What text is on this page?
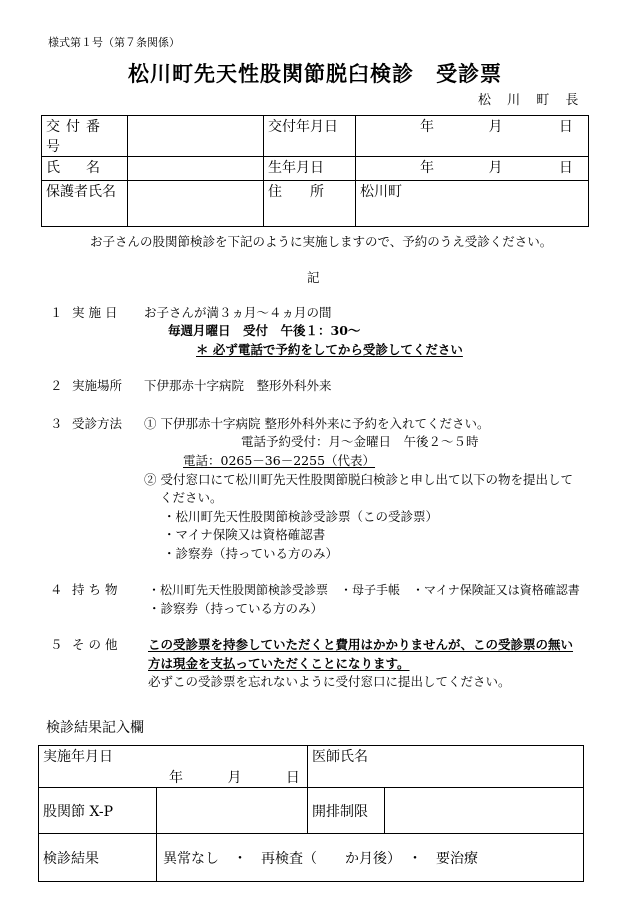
様式第１号（第７条関係）
松川町先天性股関節脱臼検診　受診票
松 川 町 長
交付番号		交付年月日	年 月 日
氏　名		生年月日	年 月 日
保護者氏名		住　　所	松川町
お子さんの股関節検診を下記のように実施しますので、予約のうえ受診ください。
記
１ 実 施 日 お子さんが満３ヵ月～４ヵ月の間
毎週月曜日　受付　午後１：30～
＊ 必ず電話で予約をしてから受診してください
２ 実施場所 下伊那赤十字病院　整形外科外来
３ 受診方法 ① 下伊那赤十字病院 整形外科外来に予約を入れてください。
電話予約受付：月～金曜日　午後２～５時
電話：0265－36－2255（代表）
② 受付窓口にて松川町先天性股関節脱臼検診と申し出て以下の物を提出して
ください。
・松川町先天性股関節検診受診票（この受診票）
・マイナ保険又は資格確認書
・診察券（持っている方のみ）
４ 持 ち 物	・松川町先天性股関節検診受診票　・母子手帳　・マイナ保険証又は資格確認書
・診察券（持っている方のみ）
５ そ の 他 この受診票を持参していただくと費用はかかりませんが、この受診票の無い
方は現金を支払っていただくことになります。
必ずこの受診票を忘れないように受付窓口に提出してください。
検診結果記入欄
実施年月日
年 月 日		医師氏名	
股関節 X-P		開排制限	
検診結果	異常なし　・　再検査（　　か月後）　・　要治療		
